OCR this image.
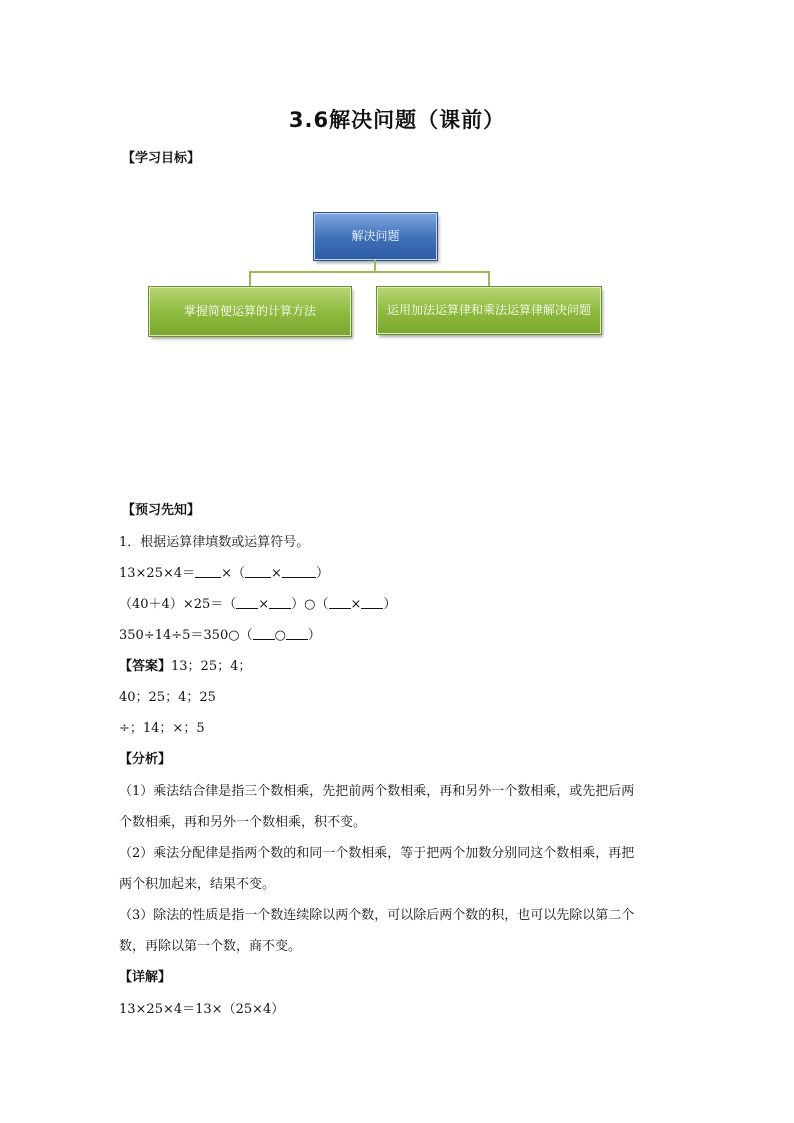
3.6解决问题（课前）
【学习目标】
解决问题
掌握简便运算的计算方法	运用加法运算律和乘法运算律解决问题
【预习先知】
1．根据运算律填数或运算符号。
13×25×4＝ ×（ ×	）
（40＋4）×25＝（ × ）○（ × ）
350÷14÷5＝350○（ ○ ）
【答案】13；25；4；
40；25；4；25
÷；14；×；5
【分析】
（1）乘法结合律是指三个数相乘，先把前两个数相乘，再和另外一个数相乘，或先把后两
个数相乘，再和另外一个数相乘，积不变。
（2）乘法分配律是指两个数的和同一个数相乘，等于把两个加数分别同这个数相乘，再把
两个积加起来，结果不变。
（3）除法的性质是指一个数连续除以两个数，可以除后两个数的积，也可以先除以第二个
数，再除以第一个数，商不变。
【详解】
13×25×4＝13×（25×4）
